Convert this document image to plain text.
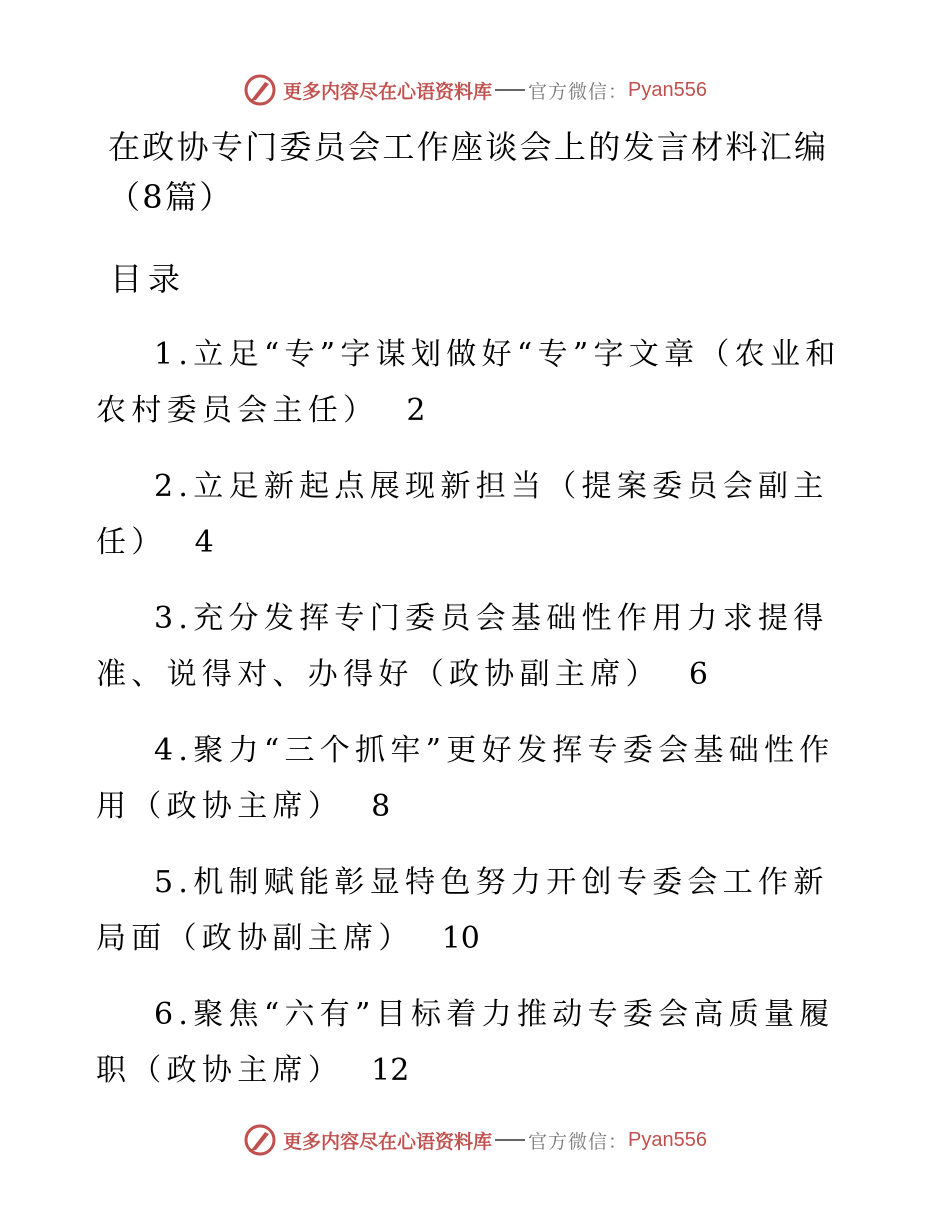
更多内容尽在心语资料库 官方微信： Pyan556
在政协专门委员会工作座谈会上的发言材料汇编（8篇）
目录
1.立足“专”字谋划做好“专”字文章（农业和农村委员会主任） 2
2.立足新起点展现新担当（提案委员会副主任） 4
3.充分发挥专门委员会基础性作用力求提得准、说得对、办得好（政协副主席） 6
4.聚力“三个抓牢”更好发挥专委会基础性作用（政协主席） 8
5.机制赋能彰显特色努力开创专委会工作新局面（政协副主席） 10
6.聚焦“六有”目标着力推动专委会高质量履职（政协主席） 12
更多内容尽在心语资料库 官方微信： Pyan556
